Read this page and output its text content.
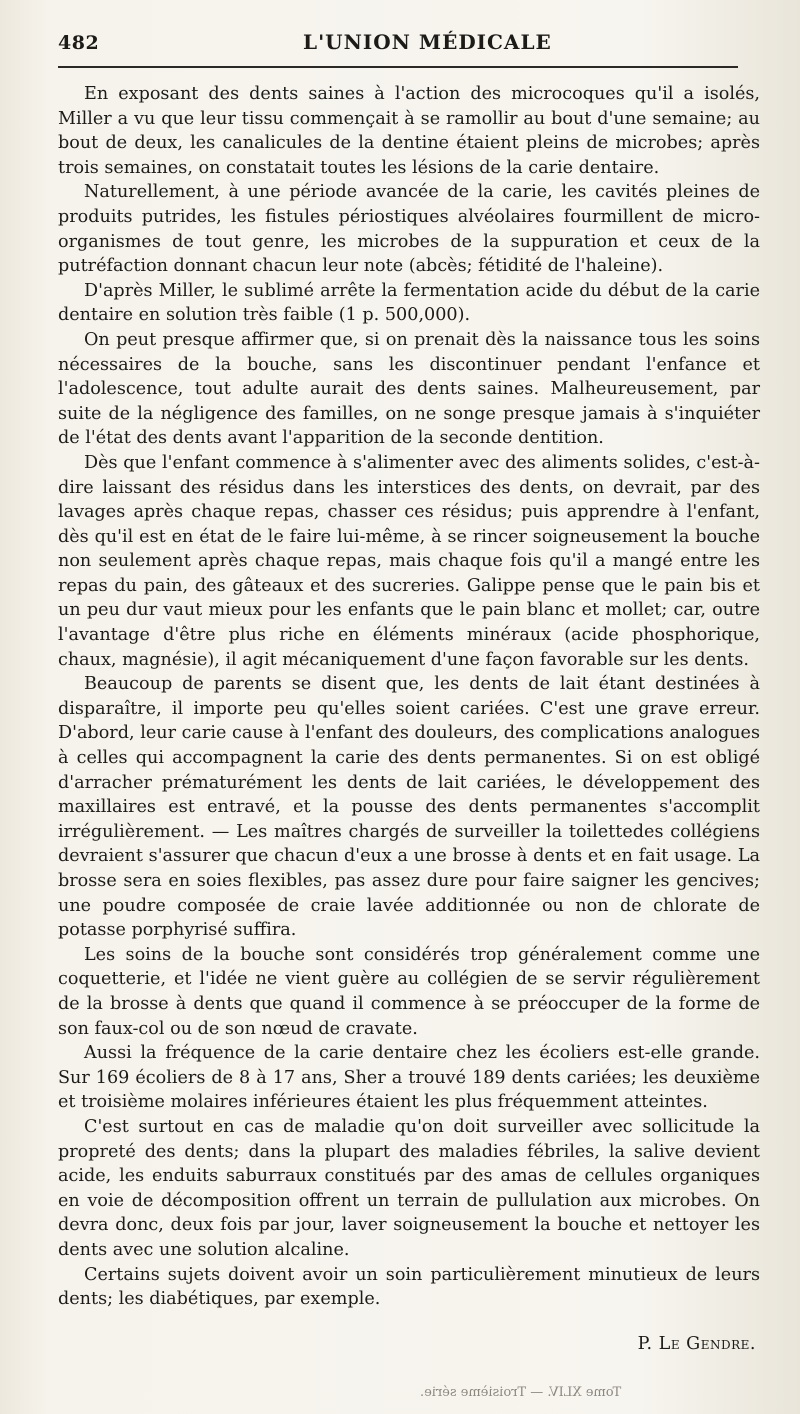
482	L'UNION MÉDICALE

En exposant des dents saines à l'action des microcoques qu'il a isolés, Miller a vu que leur tissu commençait à se ramollir au bout d'une semaine; au bout de deux, les canalicules de la dentine étaient pleins de microbes; après trois semaines, on constatait toutes les lésions de la carie dentaire.

Naturellement, à une période avancée de la carie, les cavités pleines de produits putrides, les fistules périostiques alvéolaires fourmillent de micro-organismes de tout genre, les microbes de la suppuration et ceux de la putréfaction donnant chacun leur note (abcès; fétidité de l'haleine).

D'après Miller, le sublimé arrête la fermentation acide du début de la carie dentaire en solution très faible (1 p. 500,000).

On peut presque affirmer que, si on prenait dès la naissance tous les soins nécessaires de la bouche, sans les discontinuer pendant l'enfance et l'adolescence, tout adulte aurait des dents saines. Malheureusement, par suite de la négligence des familles, on ne songe presque jamais à s'inquiéter de l'état des dents avant l'apparition de la seconde dentition.

Dès que l'enfant commence à s'alimenter avec des aliments solides, c'est-à-dire laissant des résidus dans les interstices des dents, on devrait, par des lavages après chaque repas, chasser ces résidus; puis apprendre à l'enfant, dès qu'il est en état de le faire lui-même, à se rincer soigneusement la bouche non seulement après chaque repas, mais chaque fois qu'il a mangé entre les repas du pain, des gâteaux et des sucreries. Galippe pense que le pain bis et un peu dur vaut mieux pour les enfants que le pain blanc et mollet; car, outre l'avantage d'être plus riche en éléments minéraux (acide phosphorique, chaux, magnésie), il agit mécaniquement d'une façon favorable sur les dents.

Beaucoup de parents se disent que, les dents de lait étant destinées à disparaître, il importe peu qu'elles soient cariées. C'est une grave erreur. D'abord, leur carie cause à l'enfant des douleurs, des complications analogues à celles qui accompagnent la carie des dents permanentes. Si on est obligé d'arracher prématurément les dents de lait cariées, le développement des maxillaires est entravé, et la pousse des dents permanentes s'accomplit irrégulièrement. — Les maîtres chargés de surveiller la toilettedes collégiens devraient s'assurer que chacun d'eux a une brosse à dents et en fait usage. La brosse sera en soies flexibles, pas assez dure pour faire saigner les gencives; une poudre composée de craie lavée additionnée ou non de chlorate de potasse porphyrisé suffira.

Les soins de la bouche sont considérés trop généralement comme une coquetterie, et l'idée ne vient guère au collégien de se servir régulièrement de la brosse à dents que quand il commence à se préoccuper de la forme de son faux-col ou de son nœud de cravate.

Aussi la fréquence de la carie dentaire chez les écoliers est-elle grande. Sur 169 écoliers de 8 à 17 ans, Sher a trouvé 189 dents cariées; les deuxième et troisième molaires inférieures étaient les plus fréquemment atteintes.

C'est surtout en cas de maladie qu'on doit surveiller avec sollicitude la propreté des dents; dans la plupart des maladies fébriles, la salive devient acide, les enduits saburraux constitués par des amas de cellules organiques en voie de décomposition offrent un terrain de pullulation aux microbes. On devra donc, deux fois par jour, laver soigneusement la bouche et nettoyer les dents avec une solution alcaline.

Certains sujets doivent avoir un soin particulièrement minutieux de leurs dents; les diabétiques, par exemple.

P. Le Gendre.
Tome XLIV. — Troisième série.
